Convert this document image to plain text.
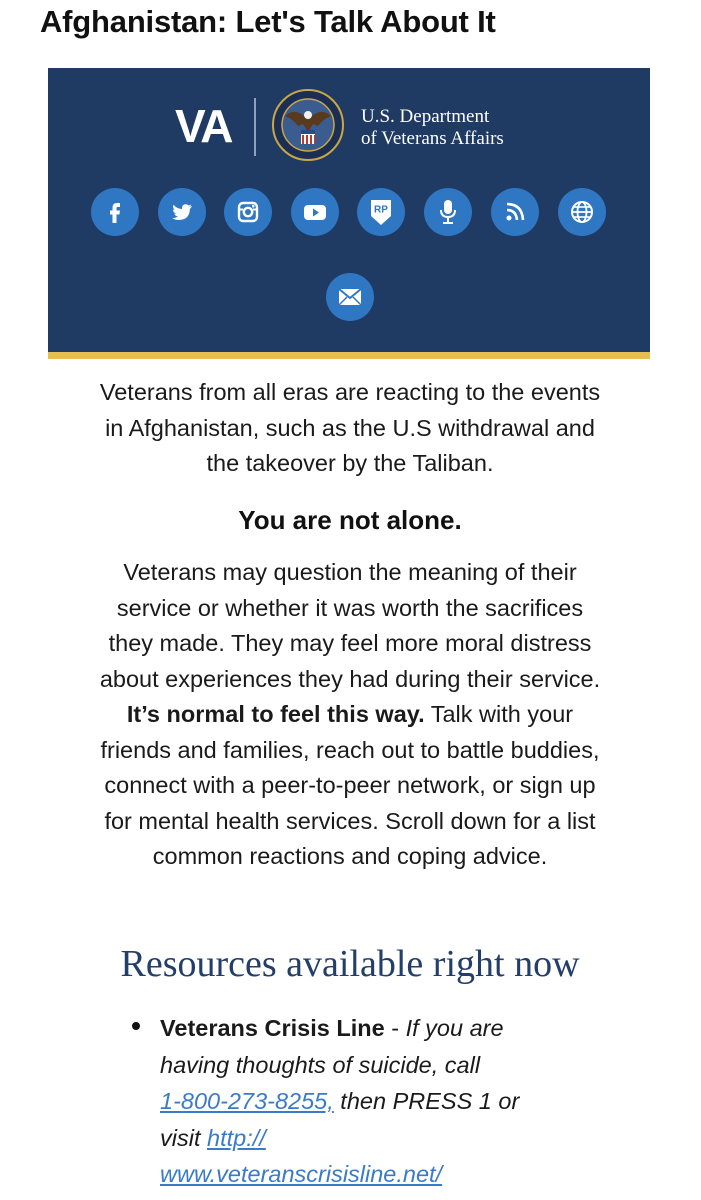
Afghanistan: Let's Talk About It
VA	U.S. Department
of Veterans Affairs
RP
Veterans from all eras are reacting to the events
in Afghanistan, such as the U.S withdrawal and
the takeover by the Taliban.
You are not alone.
Veterans may question the meaning of their
service or whether it was worth the sacrifices
they made. They may feel more moral distress
about experiences they had during their service.
It’s normal to feel this way. Talk with your
friends and families, reach out to battle buddies,
connect with a peer-to-peer network, or sign up
for mental health services. Scroll down for a list
common reactions and coping advice.
Resources available right now
Veterans Crisis Line - If you are
having thoughts of suicide, call
1-800-273-8255, then PRESS 1 or
visit http://
www.veteranscrisisline.net/
